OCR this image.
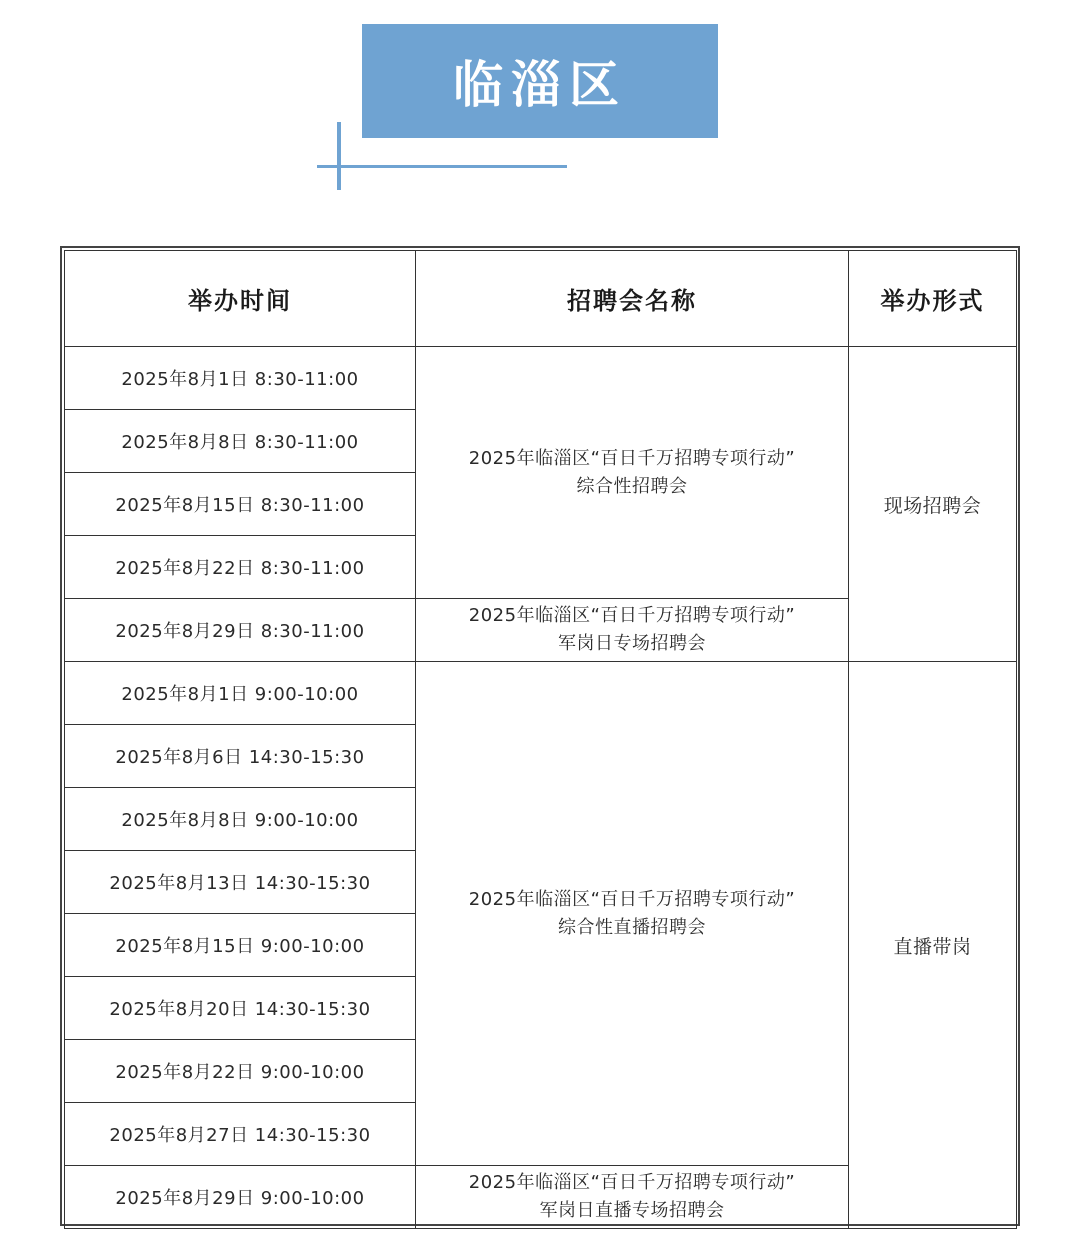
临淄区
举办时间	招聘会名称	举办形式
2025年8月1日 8:30-11:00	2025年临淄区“百日千万招聘专项行动”
综合性招聘会	现场招聘会
2025年8月8日 8:30-11:00		
2025年8月15日 8:30-11:00		
2025年8月22日 8:30-11:00		
2025年8月29日 8:30-11:00	2025年临淄区“百日千万招聘专项行动”
军岗日专场招聘会	

2025年8月1日 9:00-10:00	2025年临淄区“百日千万招聘专项行动”
综合性直播招聘会	直播带岗
2025年8月6日 14:30-15:30		
2025年8月8日 9:00-10:00		
2025年8月13日 14:30-15:30		
2025年8月15日 9:00-10:00		
2025年8月20日 14:30-15:30		
2025年8月22日 9:00-10:00		
2025年8月27日 14:30-15:30		
2025年8月29日 9:00-10:00	2025年临淄区“百日千万招聘专项行动”
军岗日直播专场招聘会	
